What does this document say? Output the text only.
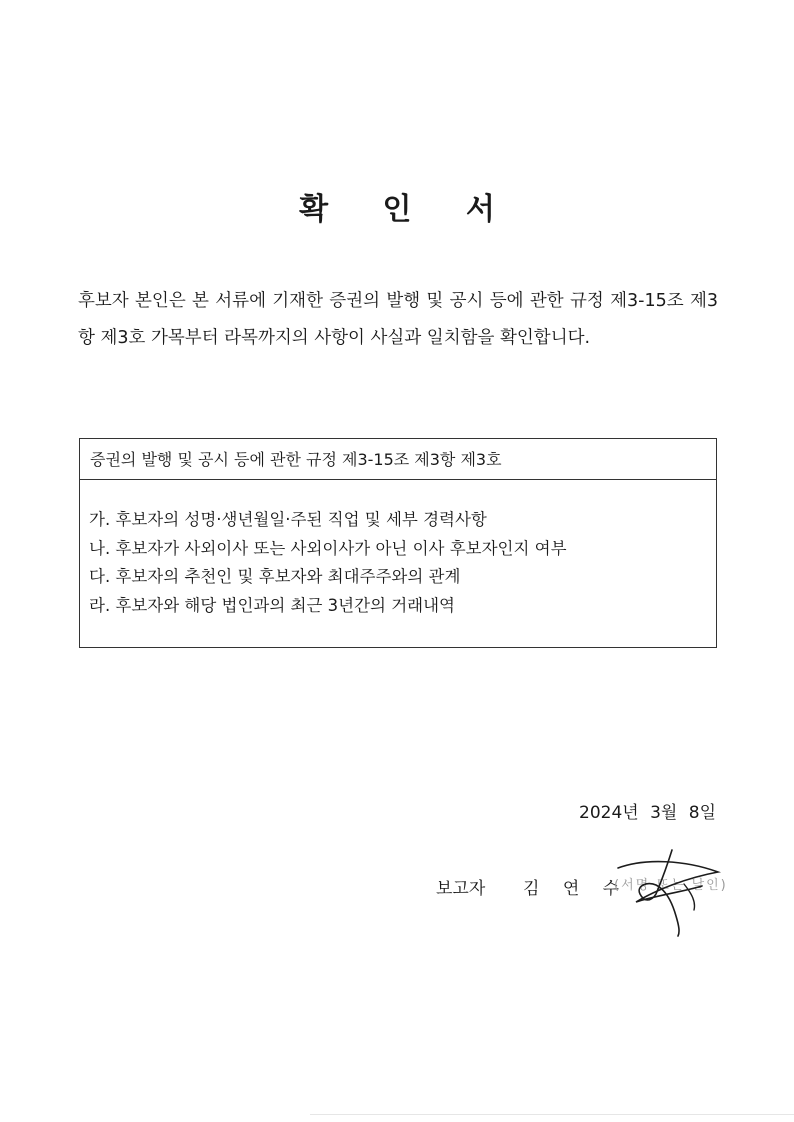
확 인 서

후보자 본인은 본 서류에 기재한 증권의 발행 및 공시 등에 관한 규정 제3-15조 제3항 제3호 가목부터 라목까지의 사항이 사실과 일치함을 확인합니다.

증권의 발행 및 공시 등에 관한 규정 제3-15조 제3항 제3호
가. 후보자의 성명·생년월일·주된 직업 및 세부 경력사항
나. 후보자가 사외이사 또는 사외이사가 아닌 이사 후보자인지 여부
다. 후보자의 추천인 및 후보자와 최대주주와의 관계
라. 후보자와 해당 법인과의 최근 3년간의 거래내역
2024년 3월 8일
보고자 김 연 수
(서명 또는 날인)
